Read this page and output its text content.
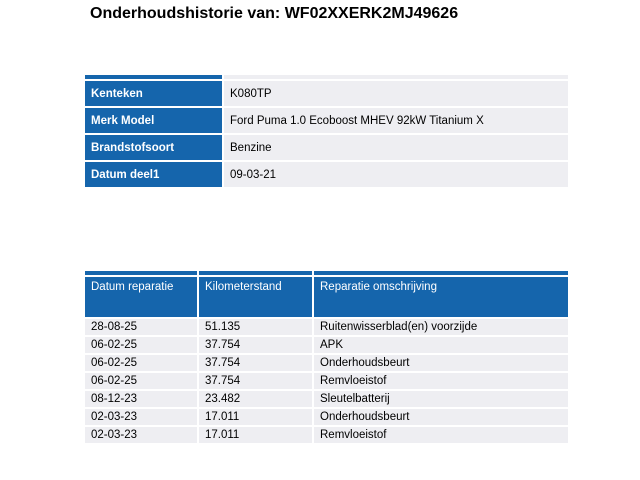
Onderhoudshistorie van: WF02XXERK2MJ49626
Kenteken	K080TP
Merk Model	Ford Puma 1.0 Ecoboost MHEV 92kW Titanium X
Brandstofsoort	Benzine
Datum deel1	09-03-21
Datum reparatie	Kilometerstand	Reparatie omschrijving
28-08-25	51.135	Ruitenwisserblad(en) voorzijde
06-02-25	37.754	APK
06-02-25	37.754	Onderhoudsbeurt
06-02-25	37.754	Remvloeistof
08-12-23	23.482	Sleutelbatterij
02-03-23	17.011	Onderhoudsbeurt
02-03-23	17.011	Remvloeistof
